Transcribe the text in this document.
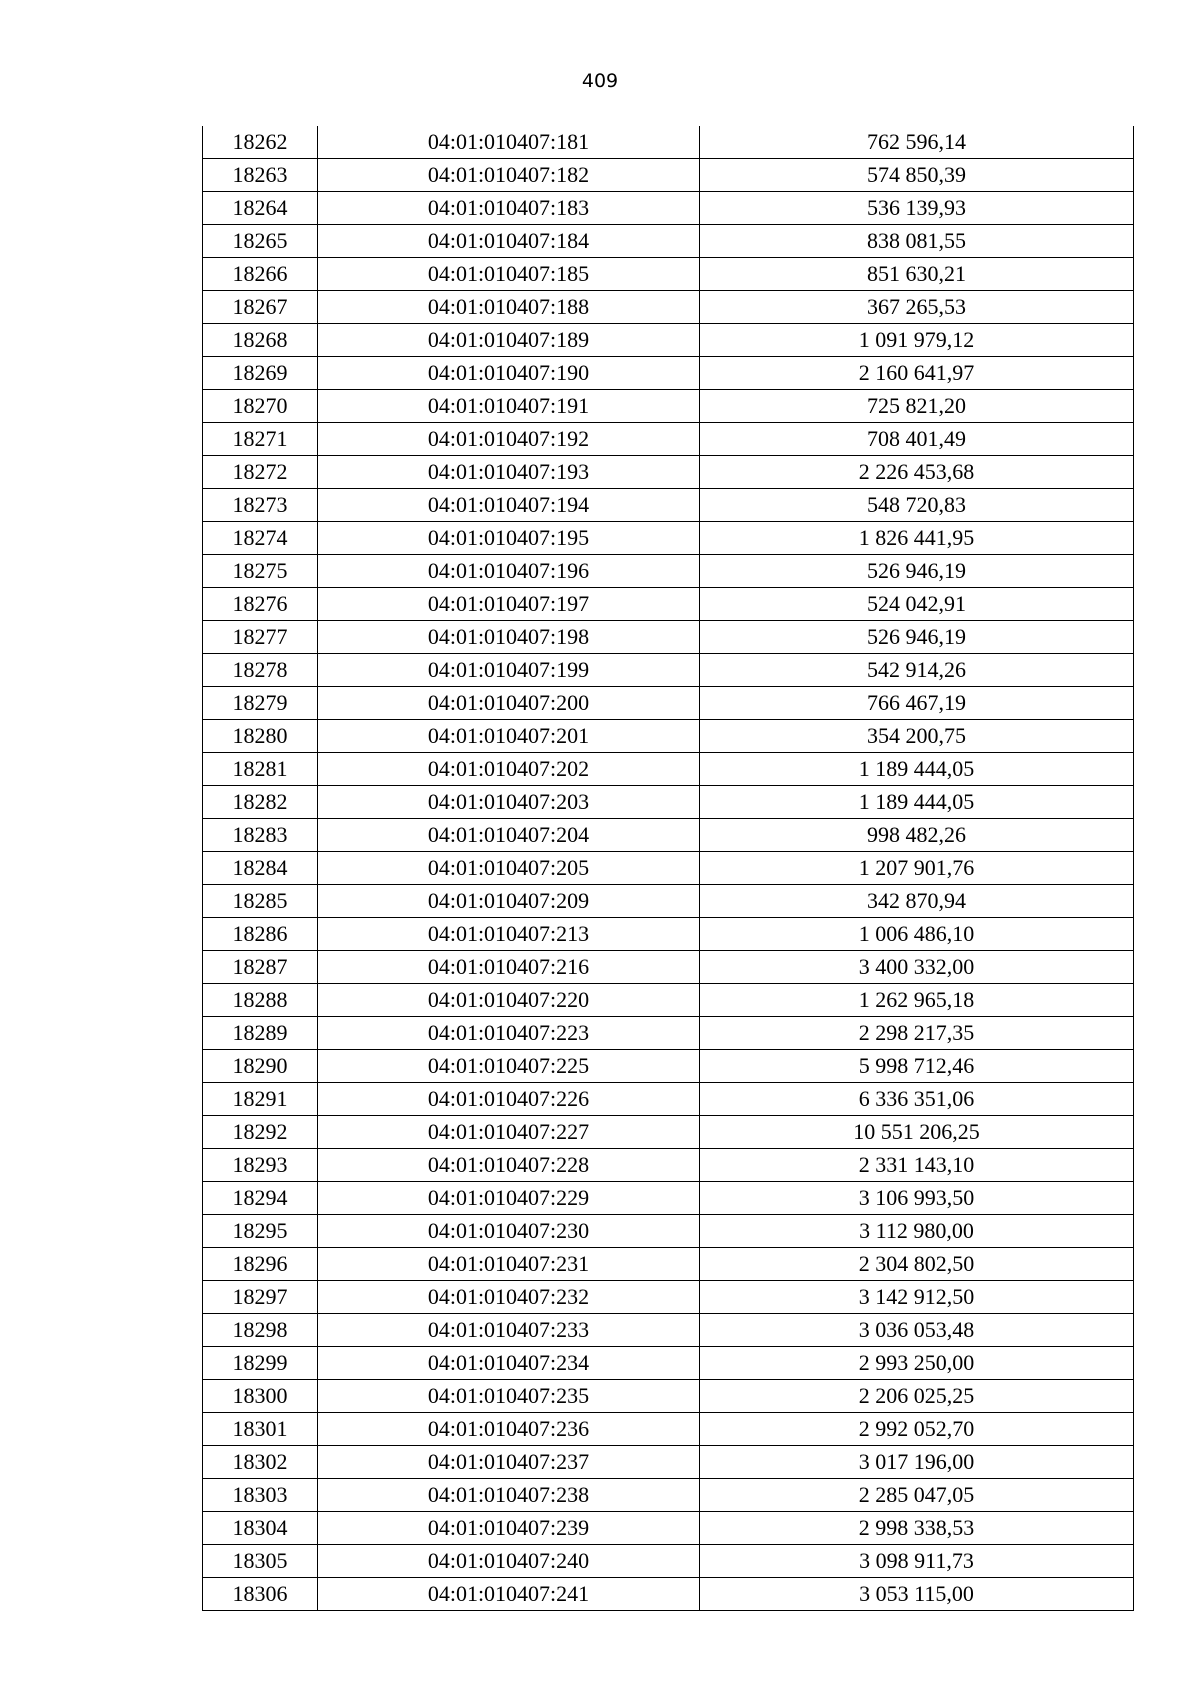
409
18262	04:01:010407:181	762 596,14
18263	04:01:010407:182	574 850,39
18264	04:01:010407:183	536 139,93
18265	04:01:010407:184	838 081,55
18266	04:01:010407:185	851 630,21
18267	04:01:010407:188	367 265,53
18268	04:01:010407:189	1 091 979,12
18269	04:01:010407:190	2 160 641,97
18270	04:01:010407:191	725 821,20
18271	04:01:010407:192	708 401,49
18272	04:01:010407:193	2 226 453,68
18273	04:01:010407:194	548 720,83
18274	04:01:010407:195	1 826 441,95
18275	04:01:010407:196	526 946,19
18276	04:01:010407:197	524 042,91
18277	04:01:010407:198	526 946,19
18278	04:01:010407:199	542 914,26
18279	04:01:010407:200	766 467,19
18280	04:01:010407:201	354 200,75
18281	04:01:010407:202	1 189 444,05
18282	04:01:010407:203	1 189 444,05
18283	04:01:010407:204	998 482,26
18284	04:01:010407:205	1 207 901,76
18285	04:01:010407:209	342 870,94
18286	04:01:010407:213	1 006 486,10
18287	04:01:010407:216	3 400 332,00
18288	04:01:010407:220	1 262 965,18
18289	04:01:010407:223	2 298 217,35
18290	04:01:010407:225	5 998 712,46
18291	04:01:010407:226	6 336 351,06
18292	04:01:010407:227	10 551 206,25
18293	04:01:010407:228	2 331 143,10
18294	04:01:010407:229	3 106 993,50
18295	04:01:010407:230	3 112 980,00
18296	04:01:010407:231	2 304 802,50
18297	04:01:010407:232	3 142 912,50
18298	04:01:010407:233	3 036 053,48
18299	04:01:010407:234	2 993 250,00
18300	04:01:010407:235	2 206 025,25
18301	04:01:010407:236	2 992 052,70
18302	04:01:010407:237	3 017 196,00
18303	04:01:010407:238	2 285 047,05
18304	04:01:010407:239	2 998 338,53
18305	04:01:010407:240	3 098 911,73
18306	04:01:010407:241	3 053 115,00
